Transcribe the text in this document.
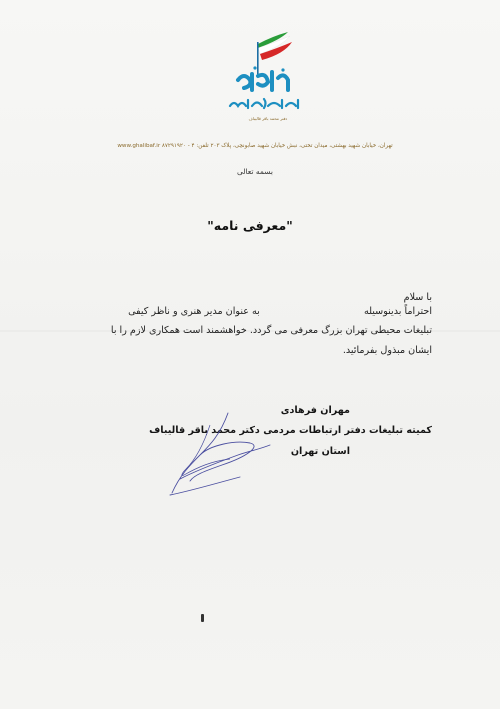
دفتر محمد باقر قالیباف
تهران، خیابان شهید بهشتی، میدان تختی، نبش خیابان شهید صابونچی، پلاک ۲۰۳ تلفن: ۴ - ۸۷۲۹۱۹۲۰ www.ghalibaf.ir
بسمه تعالی
"معرفی نامه"
با سلام
احتراماً بدینوسیله  به عنوان مدیر هنری و ناظر کیفی
تبلیغات محیطی تهران بزرگ معرفی می گردد. خواهشمند است همکاری لازم را با
ایشان مبذول بفرمائید.
مهران فرهادی
کمیته تبلیغات دفتر ارتباطات مردمی دکتر محمد باقر قالیباف
استان تهران
